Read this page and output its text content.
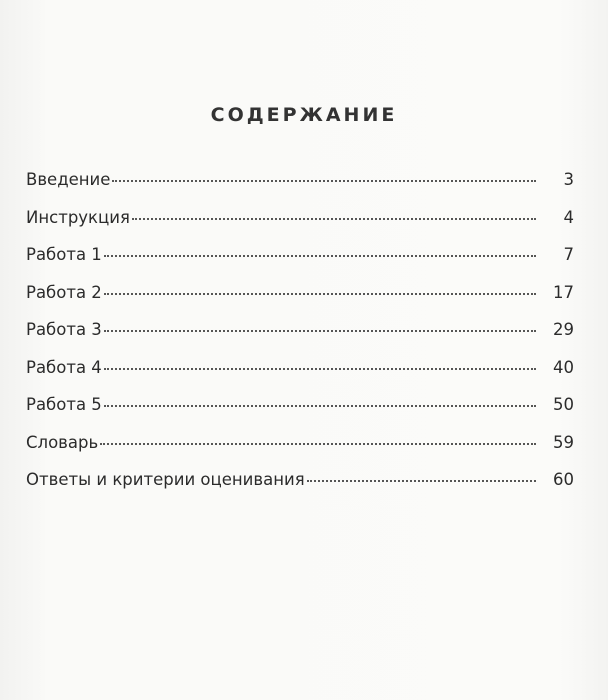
СОДЕРЖАНИЕ
Введение	3
Инструкция	4
Работа 1	7
Работа 2	17
Работа 3	29
Работа 4	40
Работа 5	50
Словарь	59
Ответы и критерии оценивания	60
